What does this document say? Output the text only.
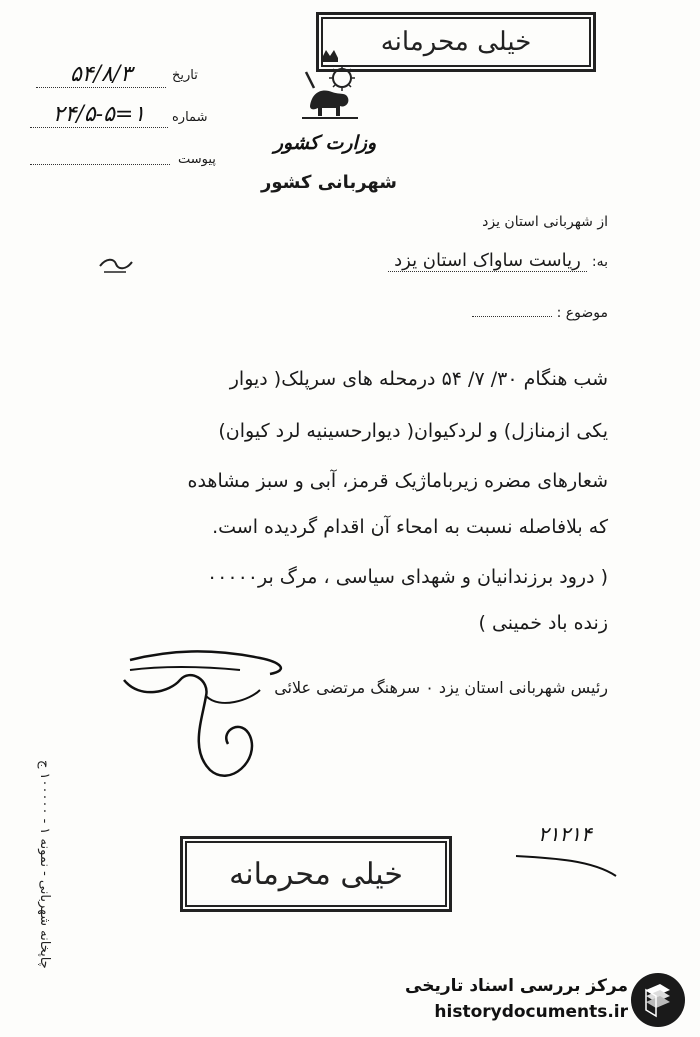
خیلی محرمانه
۵۴/۸/۳	تاریخ
۱=۲۴/۵-۵	شماره
پیوست
وزارت کشور
شهربانی کشور
از شهربانی استان یزد
به: ریاست ساواک استان یزد
موضوع :
شب هنگام ۳۰/ ۷/ ۵۴ درمحله های سرپلک( دیوار
یکی ازمنازل) و لردکیوان( دیوارحسینیه لرد کیوان)
شعارهای مضره زیرباماژیک قرمز، آبی و سبز مشاهده
که بلافاصله نسبت به امحاء آن اقدام گردیده است.
( درود برزندانیان و شهدای سیاسی ، مرگ بر۰۰۰۰۰
زنده باد خمینی )
رئیس شهربانی استان یزد ۰ سرهنگ مرتضی علائی
۲۱۲۱۴
خیلی محرمانه
چاپخانه شهربانی - نمونه ۱ - ۱۰۰۰۰۰ ج
مرکز بررسی اسناد تاریخی
historydocuments.ir
